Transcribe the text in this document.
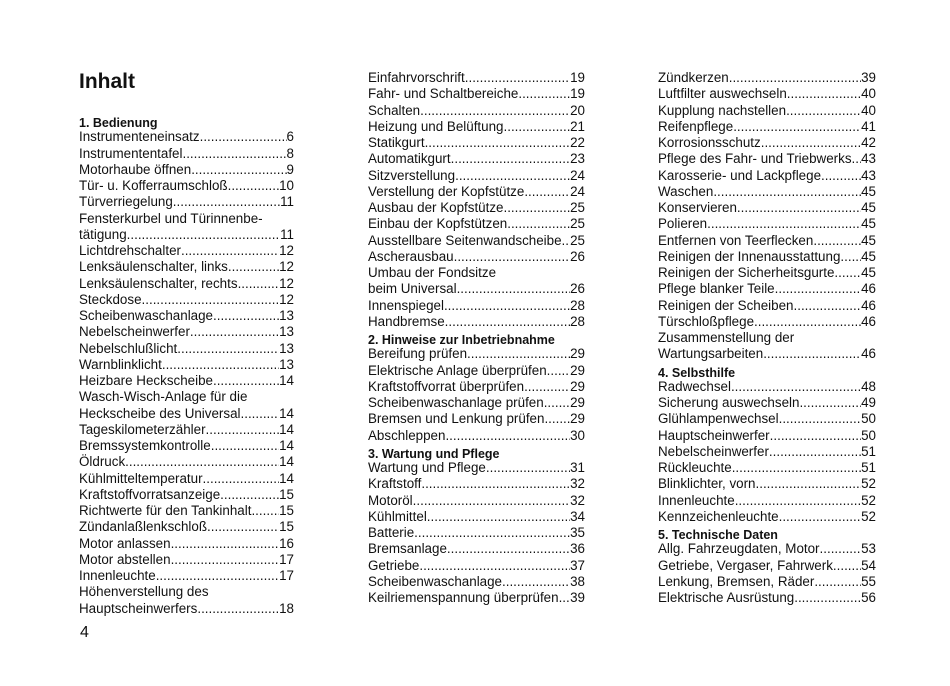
Inhalt
1. Bedienung
Instrumenteneinsatz .....	6
Instrumententafel .....	8
Motorhaube öffnen .....	9
Tür- u. Kofferraumschloß .....	10
Türverriegelung .....	11
Fensterkurbel und Türinnenbe-
tätigung .....	11
Lichtdrehschalter .....	12
Lenksäulenschalter, links .....	12
Lenksäulenschalter, rechts .....	12
Steckdose .....	12
Scheibenwaschanlage .....	13
Nebelscheinwerfer .....	13
Nebelschlußlicht .....	13
Warnblinklicht .....	13
Heizbare Heckscheibe .....	14
Wasch-Wisch-Anlage für die
Heckscheibe des Universal .....	14
Tageskilometerzähler .....	14
Bremssystemkontrolle .....	14
Öldruck .....	14
Kühlmitteltemperatur .....	14
Kraftstoffvorratsanzeige .....	15
Richtwerte für den Tankinhalt ..... 15
Zündanlaßlenkschloß .....	15
Motor anlassen .....	16
Motor abstellen .....	17
Innenleuchte .....	17
Höhenverstellung des
Hauptscheinwerfers .....	18
Einfahrvorschrift .....	19
Fahr- und Schaltbereiche .....	19
Schalten .....	20
Heizung und Belüftung .....	21
Statikgurt .....	22
Automatikgurt .....	23
Sitzverstellung .....	24
Verstellung der Kopfstütze .....	24
Ausbau der Kopfstütze .....	25
Einbau der Kopfstützen .....	25
Ausstellbare Seitenwandscheibe ..... 25
Ascherausbau .....	26
Umbau der Fondsitze
beim Universal .....	26
Innenspiegel .....	28
Handbremse .....	28
2. Hinweise zur Inbetriebnahme
Bereifung prüfen .....	29
Elektrische Anlage überprüfen ..... 29
Kraftstoffvorrat überprüfen .....	29
Scheibenwaschanlage prüfen ..... 29
Bremsen und Lenkung prüfen ..... 29
Abschleppen .....	30
3. Wartung und Pflege
Wartung und Pflege .....	31
Kraftstoff .....	32
Motoröl .....	32
Kühlmittel .....	34
Batterie .....	35
Bremsanlage .....	36
Getriebe .....	37
Scheibenwaschanlage .....	38
Keilriemenspannung überprüfen ..... 39
Zündkerzen .....	39
Luftfilter auswechseln .....	40
Kupplung nachstellen .....	40
Reifenpflege .....	41
Korrosionsschutz .....	42
Pflege des Fahr- und Triebwerks ..... 43
Karosserie- und Lackpflege .....	43
Waschen .....	45
Konservieren .....	45
Polieren .....	45
Entfernen von Teerflecken .....	45
Reinigen der Innenausstattung ..... 45
Reinigen der Sicherheitsgurte ..... 45
Pflege blanker Teile .....	46
Reinigen der Scheiben .....	46
Türschloßpflege .....	46
Zusammenstellung der
Wartungsarbeiten .....	46
4. Selbsthilfe
Radwechsel .....	48
Sicherung auswechseln .....	49
Glühlampenwechsel .....	50
Hauptscheinwerfer .....	50
Nebelscheinwerfer .....	51
Rückleuchte .....	51
Blinklichter, vorn .....	52
Innenleuchte .....	52
Kennzeichenleuchte .....	52
5. Technische Daten
Allg. Fahrzeugdaten, Motor .....	53
Getriebe, Vergaser, Fahrwerk ..... 54
Lenkung, Bremsen, Räder .....	55
Elektrische Ausrüstung .....	56
4
